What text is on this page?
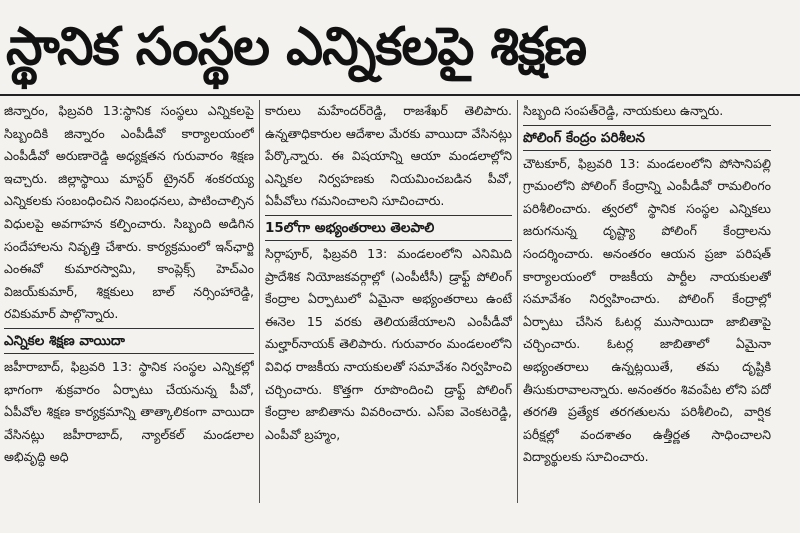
స్థానిక సంస్థల ఎన్నికలపై శిక్షణ

జిన్నారం, ఫిబ్రవరి 13:స్థానిక సంస్థలు ఎన్నికలపై సిబ్బందికి జిన్నారం ఎంపీడీవో కార్యాలయంలో ఎంపీడీవో అరుణారెడ్డి అధ్యక్షతన గురువారం శిక్షణ ఇచ్చారు. జిల్లాస్థాయి మాస్టర్ ట్రైనర్ శంకరయ్య ఎన్నికలకు సంబంధించిన నిబంధనలు, పాటించాల్సిన విధులపై అవగాహన కల్పించారు. సిబ్బంది అడిగిన సందేహాలను నివృత్తి చేశారు. కార్యక్రమంలో ఇన్‌ఛార్జి ఎంఈవో కుమారస్వామి, కాంప్లెక్స్ హెచ్‌ఎం విజయ్‌కుమార్, శిక్షకులు బాల్ నర్సింహారెడ్డి, రవికుమార్ పాల్గొన్నారు.

ఎన్నికల శిక్షణ వాయిదా

జహీరాబాద్, ఫిబ్రవరి 13: స్థానిక సంస్థల ఎన్నికల్లో భాగంగా శుక్రవారం ఏర్పాటు చేయనున్న పీవో, ఏపీవోల శిక్షణ కార్యక్రమాన్ని తాత్కాలికంగా వాయిదా వేసినట్లు జహీరాబాద్, న్యాల్‌కల్ మండలాల అభివృద్ధి అధి

కారులు మహేందర్‌రెడ్డి, రాజశేఖర్ తెలిపారు. ఉన్నతాధికారుల ఆదేశాల మేరకు వాయిదా వేసినట్లు పేర్కొన్నారు. ఈ విషయాన్ని ఆయా మండలాల్లోని ఎన్నికల నిర్వహణకు నియమించబడిన పీవో, ఏపీవోలు గమనించాలని సూచించారు.

15లోగా అభ్యంతరాలు తెలపాలి

సిర్గాపూర్, ఫిబ్రవరి 13: మండలంలోని ఎనిమిది ప్రాదేశిక నియోజకవర్గాల్లో (ఎంపీటీసీ) డ్రాఫ్ట్ పోలింగ్ కేంద్రాల ఏర్పాటులో ఏమైనా అభ్యంతరాలు ఉంటే ఈనెల 15 వరకు తెలియజేయాలని ఎంపీడీవో మల్హార్‌నాయక్ తెలిపారు. గురువారం మండలంలోని వివిధ రాజకీయ నాయకులతో సమావేశం నిర్వహించి చర్చించారు. కొత్తగా రూపొందించి డ్రాఫ్ట్ పోలింగ్ కేంద్రాల జాబితాను వివరించారు. ఎస్ఐ వెంకటరెడ్డి, ఎంపీవో బ్రహ్మం,

సిబ్బంది సంపత్‌రెడ్డి, నాయకులు ఉన్నారు.

పోలింగ్ కేంద్రం పరిశీలన

చౌటకూర్, ఫిబ్రవరి 13: మండలంలోని పోసానిపల్లి గ్రామంలోని పోలింగ్ కేంద్రాన్ని ఎంపీడీవో రామలింగం పరిశీలించారు. త్వరలో స్థానిక సంస్థల ఎన్నికలు జరుగనున్న దృష్ట్యా పోలింగ్ కేంద్రాలను సందర్శించారు. అనంతరం ఆయన ప్రజా పరిషత్ కార్యాలయంలో రాజకీయ పార్టీల నాయకులతో సమావేశం నిర్వహించారు. పోలింగ్ కేంద్రాల్లో ఏర్పాటు చేసిన ఓటర్ల ముసాయిదా జాబితాపై చర్చించారు. ఓటర్ల జాబితాలో ఏమైనా అభ్యంతరాలు ఉన్నట్లయితే, తమ దృష్టికి తీసుకురావాలన్నారు. అనంతరం శివంపేట లోని పదో తరగతి ప్రత్యేక తరగతులను పరిశీలించి, వార్షిక పరీక్షల్లో వందశాతం ఉత్తీర్ణత సాధించాలని విద్యార్థులకు సూచించారు.
